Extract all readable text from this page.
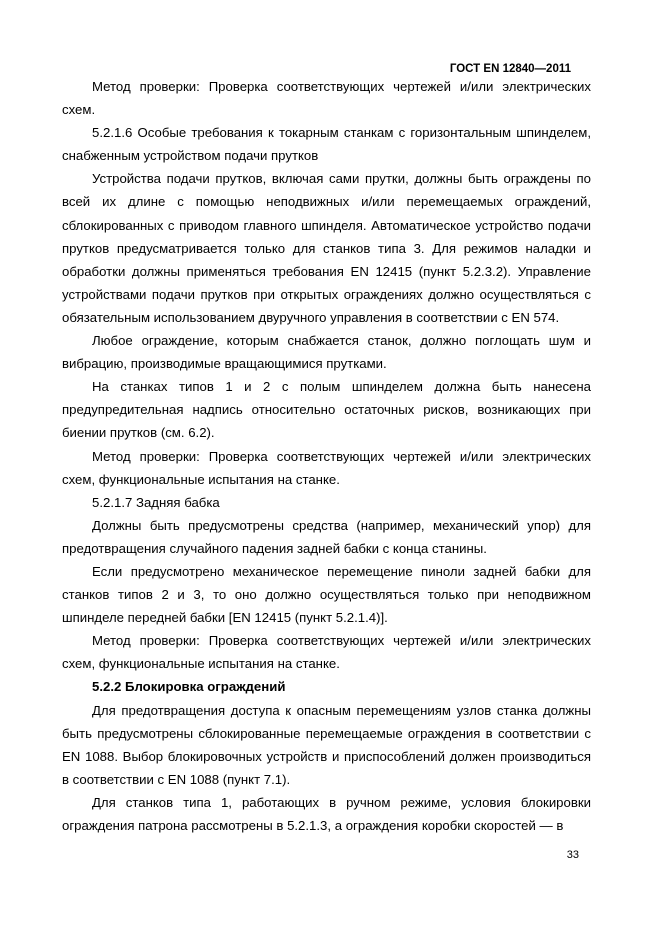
ГОСТ EN 12840—2011

Метод проверки: Проверка соответствующих чертежей и/или электрических схем.

5.2.1.6 Особые требования к токарным станкам с горизонтальным шпинделем, снабженным устройством подачи прутков

Устройства подачи прутков, включая сами прутки, должны быть ограждены по всей их длине с помощью неподвижных и/или перемещаемых ограждений, сблокированных с приводом главного шпинделя. Автоматическое устройство подачи прутков предусматривается только для станков типа 3. Для режимов наладки и обработки должны применяться требования EN 12415 (пункт 5.2.3.2). Управление устройствами подачи прутков при открытых ограждениях должно осуществляться с обязательным использованием двуручного управления в соответствии с EN 574.

Любое ограждение, которым снабжается станок, должно поглощать шум и вибрацию, производимые вращающимися прутками.

На станках типов 1 и 2 с полым шпинделем должна быть нанесена предупредительная надпись относительно остаточных рисков, возникающих при биении прутков (см. 6.2).

Метод проверки: Проверка соответствующих чертежей и/или электрических схем, функциональные испытания на станке.

5.2.1.7 Задняя бабка

Должны быть предусмотрены средства (например, механический упор) для предотвращения случайного падения задней бабки с конца станины.

Если предусмотрено механическое перемещение пиноли задней бабки для станков типов 2 и 3, то оно должно осуществляться только при неподвижном шпинделе передней бабки [EN 12415 (пункт 5.2.1.4)].

Метод проверки: Проверка соответствующих чертежей и/или электрических схем, функциональные испытания на станке.

5.2.2 Блокировка ограждений

Для предотвращения доступа к опасным перемещениям узлов станка должны быть предусмотрены сблокированные перемещаемые ограждения в соответствии с EN 1088. Выбор блокировочных устройств и приспособлений должен производиться в соответствии с EN 1088 (пункт 7.1).

Для станков типа 1, работающих в ручном режиме, условия блокировки ограждения патрона рассмотрены в 5.2.1.3, а ограждения коробки скоростей — в

33
